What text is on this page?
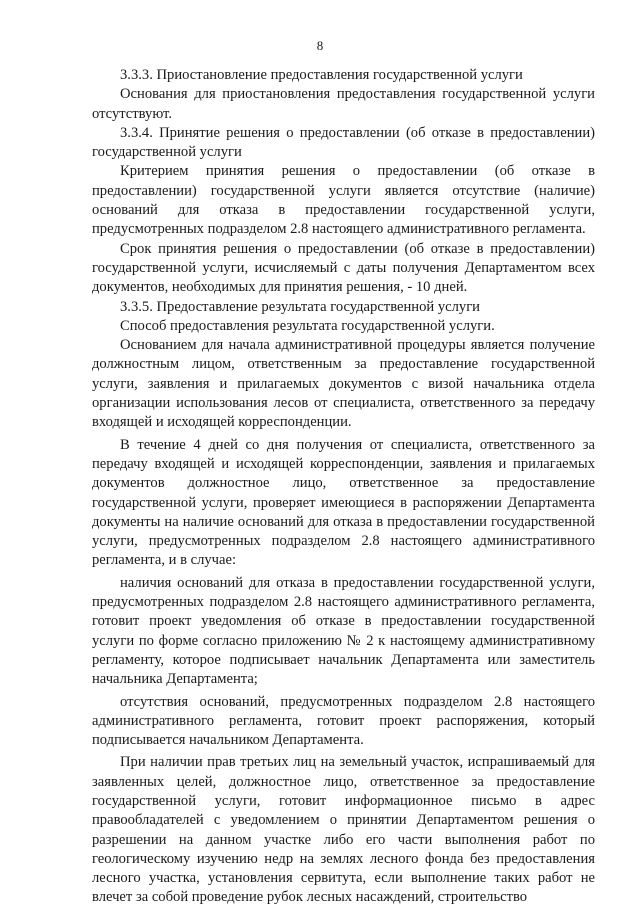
8

3.3.3. Приостановление предоставления государственной услуги

Основания для приостановления предоставления государственной услуги отсутствуют.

3.3.4. Принятие решения о предоставлении (об отказе в предоставлении) государственной услуги

Критерием принятия решения о предоставлении (об отказе в предоставлении) государственной услуги является отсутствие (наличие) оснований для отказа в предоставлении государственной услуги, предусмотренных подразделом 2.8 настоящего административного регламента.

Срок принятия решения о предоставлении (об отказе в предоставлении) государственной услуги, исчисляемый с даты получения Департаментом всех документов, необходимых для принятия решения, - 10 дней.

3.3.5. Предоставление результата государственной услуги

Способ предоставления результата государственной услуги.

Основанием для начала административной процедуры является получение должностным лицом, ответственным за предоставление государственной услуги, заявления и прилагаемых документов с визой начальника отдела организации использования лесов от специалиста, ответственного за передачу входящей и исходящей корреспонденции.

В течение 4 дней со дня получения от специалиста, ответственного за передачу входящей и исходящей корреспонденции, заявления и прилагаемых документов должностное лицо, ответственное за предоставление государственной услуги, проверяет имеющиеся в распоряжении Департамента документы на наличие оснований для отказа в предоставлении государственной услуги, предусмотренных подразделом 2.8 настоящего административного регламента, и в случае:

наличия оснований для отказа в предоставлении государственной услуги, предусмотренных подразделом 2.8 настоящего административного регламента, готовит проект уведомления об отказе в предоставлении государственной услуги по форме согласно приложению № 2 к настоящему административному регламенту, которое подписывает начальник Департамента или заместитель начальника Департамента;

отсутствия оснований, предусмотренных подразделом 2.8 настоящего административного регламента, готовит проект распоряжения, который подписывается начальником Департамента.

При наличии прав третьих лиц на земельный участок, испрашиваемый для заявленных целей, должностное лицо, ответственное за предоставление государственной услуги, готовит информационное письмо в адрес правообладателей с уведомлением о принятии Департаментом решения о разрешении на данном участке либо его части выполнения работ по геологическому изучению недр на землях лесного фонда без предоставления лесного участка, установления сервитута, если выполнение таких работ не влечет за собой проведение рубок лесных насаждений, строительство
